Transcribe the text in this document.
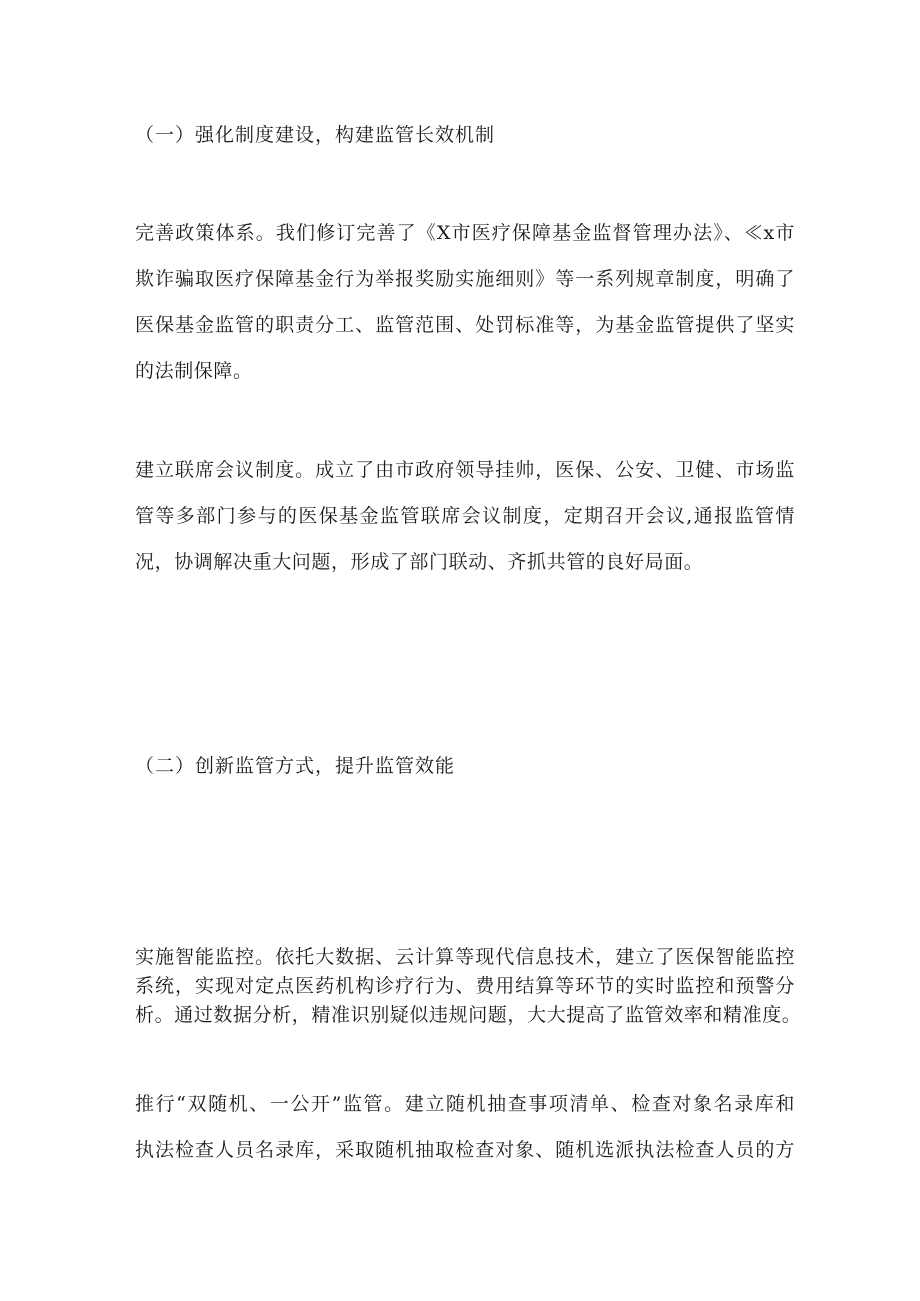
（一）强化制度建设，构建监管长效机制
完善政策体系。我们修订完善了《X市医疗保障基金监督管理办法》、≪x市
欺诈骗取医疗保障基金行为举报奖励实施细则》等一系列规章制度，明确了
医保基金监管的职责分工、监管范围、处罚标准等，为基金监管提供了坚实
的法制保障。
建立联席会议制度。成立了由市政府领导挂帅，医保、公安、卫健、市场监
管等多部门参与的医保基金监管联席会议制度，定期召开会议,通报监管情
况，协调解决重大问题，形成了部门联动、齐抓共管的良好局面。
（二）创新监管方式，提升监管效能
实施智能监控。依托大数据、云计算等现代信息技术，建立了医保智能监控
系统，实现对定点医药机构诊疗行为、费用结算等环节的实时监控和预警分
析。通过数据分析，精准识别疑似违规问题，大大提高了监管效率和精准度。
推行“双随机、一公开”监管。建立随机抽查事项清单、检查对象名录库和
执法检查人员名录库，采取随机抽取检查对象、随机选派执法检查人员的方
